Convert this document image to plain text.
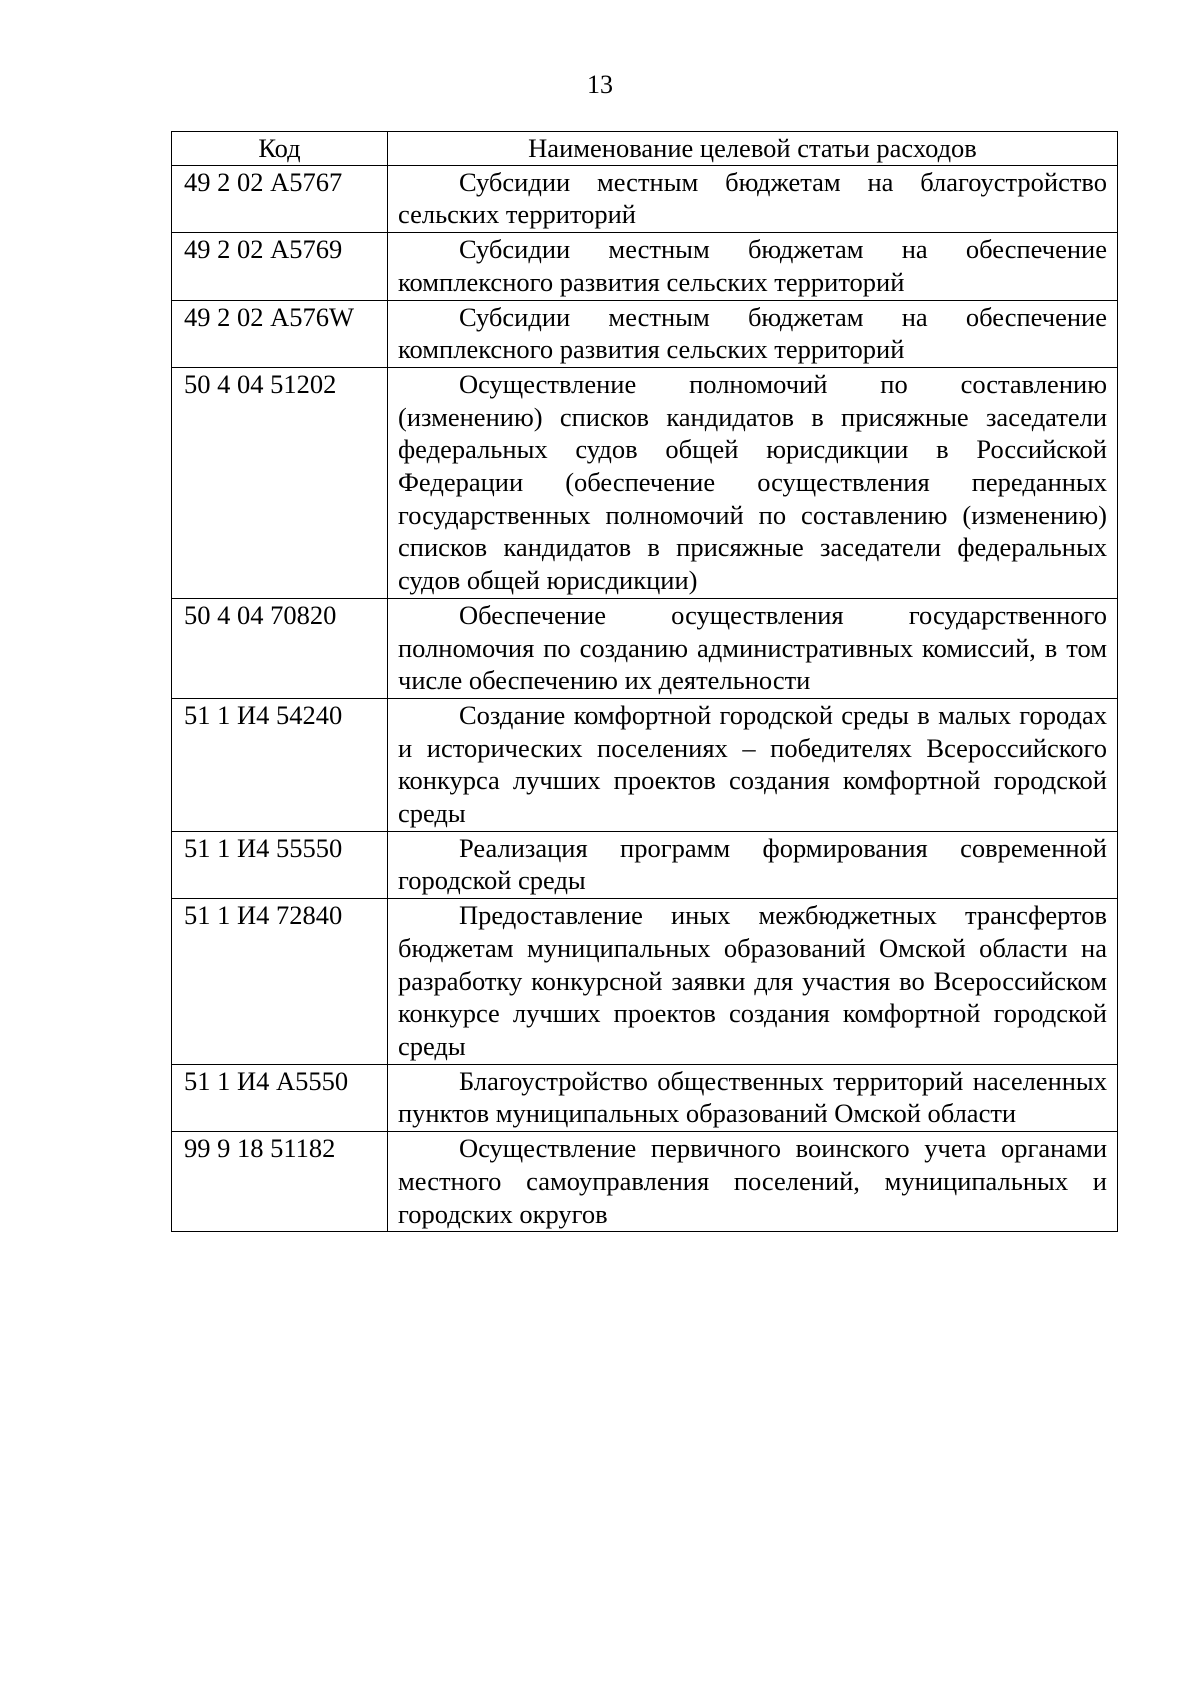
13
Код	Наименование целевой статьи расходов
49 2 02 А5767	Субсидии местным бюджетам на благоустройство сельских территорий
49 2 02 А5769	Субсидии местным бюджетам на обеспечение комплексного развития сельских территорий
49 2 02 А576W	Субсидии местным бюджетам на обеспечение комплексного развития сельских территорий
50 4 04 51202	Осуществление полномочий по составлению (изменению) списков кандидатов в присяжные заседатели федеральных судов общей юрисдикции в Российской Федерации (обеспечение осуществления переданных государственных полномочий по составлению (изменению) списков кандидатов в присяжные заседатели федеральных судов общей юрисдикции)
50 4 04 70820	Обеспечение осуществления государственного полномочия по созданию административных комиссий, в том числе обеспечению их деятельности
51 1 И4 54240	Создание комфортной городской среды в малых городах и исторических поселениях – победителях Всероссийского конкурса лучших проектов создания комфортной городской среды
51 1 И4 55550	Реализация программ формирования современной городской среды
51 1 И4 72840	Предоставление иных межбюджетных трансфертов бюджетам муниципальных образований Омской области на разработку конкурсной заявки для участия во Всероссийском конкурсе лучших проектов создания комфортной городской среды
51 1 И4 А5550	Благоустройство общественных территорий населенных пунктов муниципальных образований Омской области
99 9 18 51182	Осуществление первичного воинского учета органами местного самоуправления поселений, муниципальных и городских округов
